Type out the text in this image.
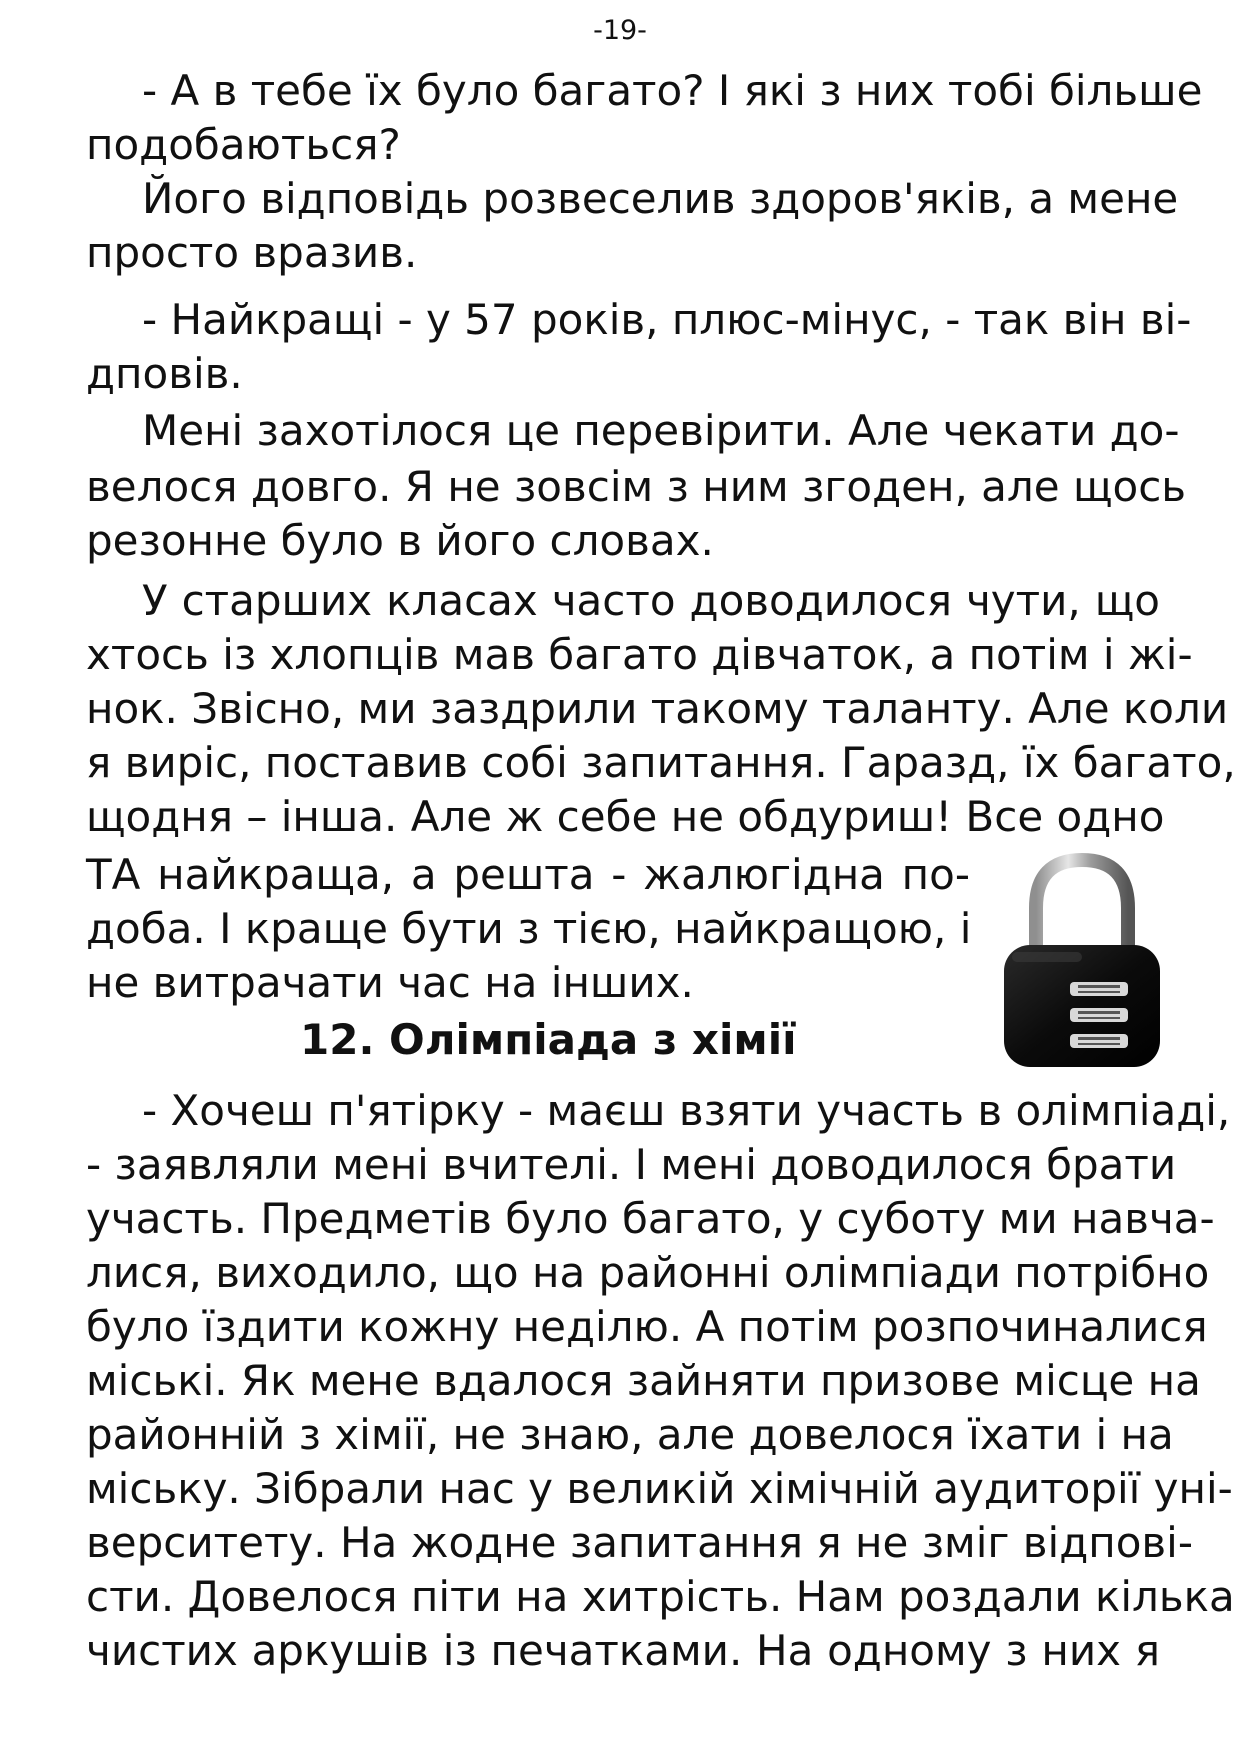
-19-
- А в тебе їх було багато? І які з них тобі більше
подобаються?
Його відповідь розвеселив здоров'яків, а мене
просто вразив.
- Найкращі - у 57 років, плюс-мінус, - так він ві-
дповів.
Мені захотілося це перевірити. Але чекати до-
велося довго. Я не зовсім з ним згоден, але щось
резонне було в його словах.
У старших класах часто доводилося чути, що
хтось із хлопців мав багато дівчаток, а потім і жі-
нок. Звісно, ми заздрили такому таланту. Але коли
я виріс, поставив собі запитання. Гаразд, їх багато,
щодня – інша. Але ж себе не обдуриш! Все одно
ТА найкраща, а решта - жалюгідна по-
доба. І краще бути з тією, найкращою, і
не витрачати час на інших.
12. Олімпіада з хімії
- Хочеш п'ятірку - маєш взяти участь в олімпіаді,
- заявляли мені вчителі. І мені доводилося брати
участь. Предметів було багато, у суботу ми навча-
лися, виходило, що на районні олімпіади потрібно
було їздити кожну неділю. А потім розпочиналися
міські. Як мене вдалося зайняти призове місце на
районній з хімії, не знаю, але довелося їхати і на
міську. Зібрали нас у великій хімічній аудиторії уні-
верситету. На жодне запитання я не зміг відпові-
сти. Довелося піти на хитрість. Нам роздали кілька
чистих аркушів із печатками. На одному з них я
